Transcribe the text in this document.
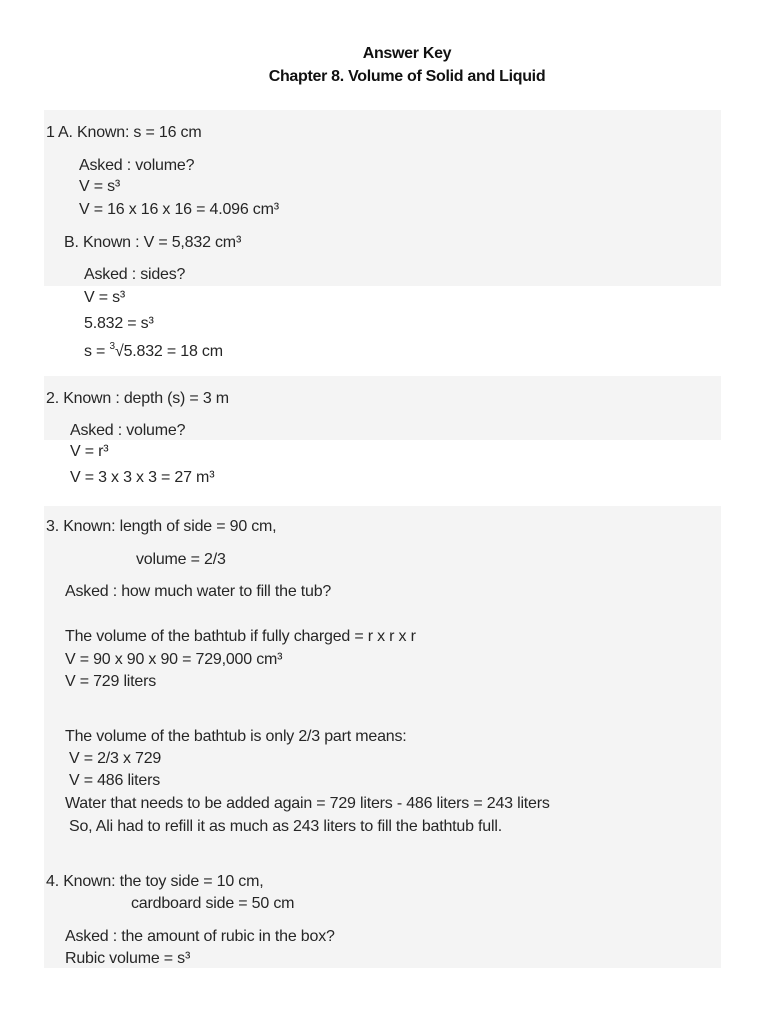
Answer Key
Chapter 8. Volume of Solid and Liquid
1 A. Known: s = 16 cm
Asked : volume?
V = s³
V = 16 x 16 x 16 = 4.096 cm³
B. Known : V = 5,832 cm³
Asked : sides?
V = s³
5.832 = s³
s = $^3$√5.832 = 18 cm
2. Known : depth (s) = 3 m
Asked : volume?
V = r³
V = 3 x 3 x 3 = 27 m³
3. Known: length of side = 90 cm,
volume = 2/3
Asked : how much water to fill the tub?
The volume of the bathtub if fully charged = r x r x r
V = 90 x 90 x 90 = 729,000 cm³
V = 729 liters
The volume of the bathtub is only 2/3 part means:
V = 2/3 x 729
V = 486 liters
Water that needs to be added again = 729 liters - 486 liters = 243 liters
So, Ali had to refill it as much as 243 liters to fill the bathtub full.
4. Known: the toy side = 10 cm,
cardboard side = 50 cm
Asked : the amount of rubic in the box?
Rubic volume = s³
